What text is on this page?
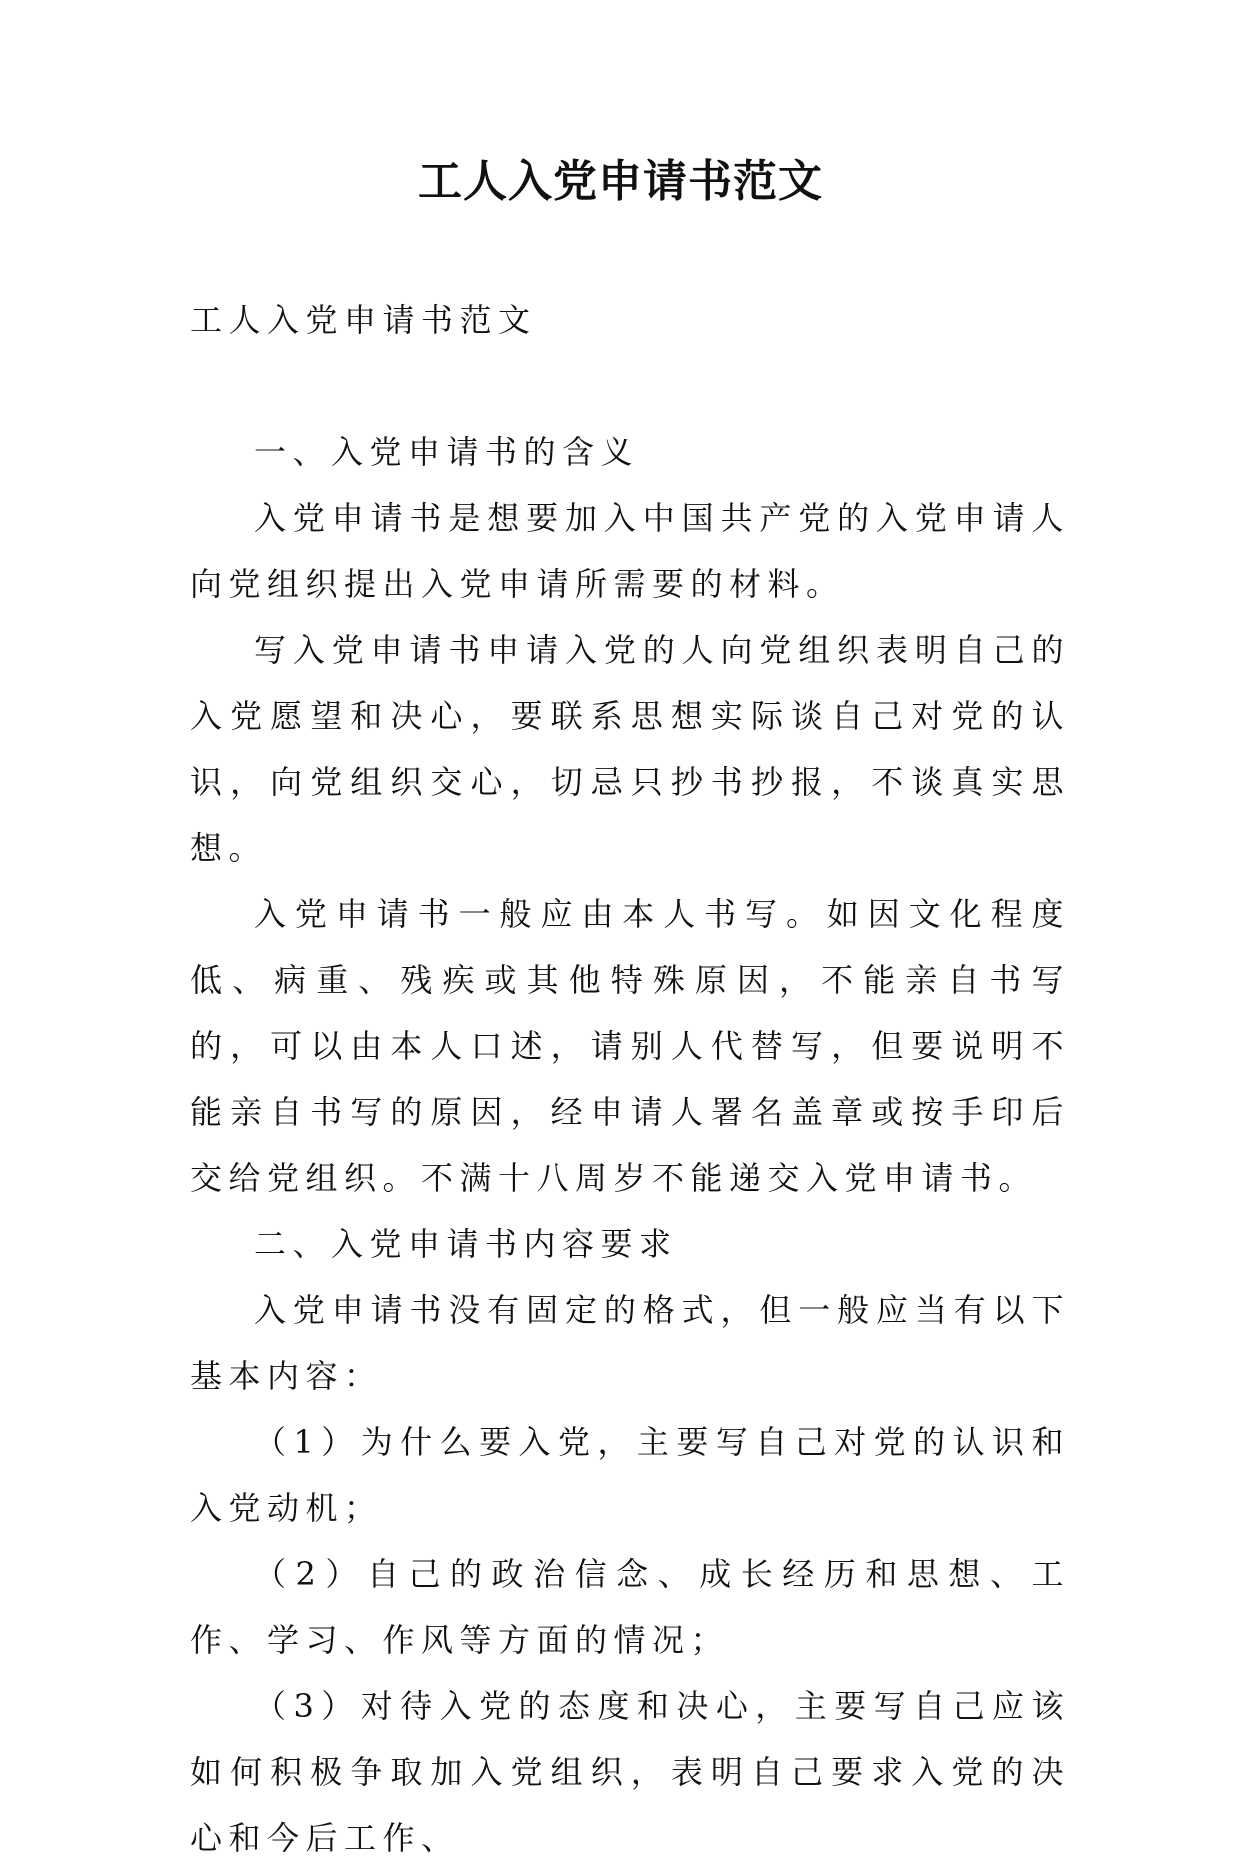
工人入党申请书范文

工人入党申请书范文

一、入党申请书的含义

入党申请书是想要加入中国共产党的入党申请人向党组织提出入党申请所需要的材料。

写入党申请书申请入党的人向党组织表明自己的入党愿望和决心，要联系思想实际谈自己对党的认识，向党组织交心，切忌只抄书抄报，不谈真实思想。

入党申请书一般应由本人书写。如因文化程度低、病重、残疾或其他特殊原因，不能亲自书写的，可以由本人口述，请别人代替写，但要说明不能亲自书写的原因，经申请人署名盖章或按手印后交给党组织。不满十八周岁不能递交入党申请书。

二、入党申请书内容要求

入党申请书没有固定的格式，但一般应当有以下基本内容：

（1）为什么要入党，主要写自己对党的认识和入党动机；

（2）自己的政治信念、成长经历和思想、工作、学习、作风等方面的情况；

（3）对待入党的态度和决心，主要写自己应该如何积极争取加入党组织，表明自己要求入党的决心和今后工作、
